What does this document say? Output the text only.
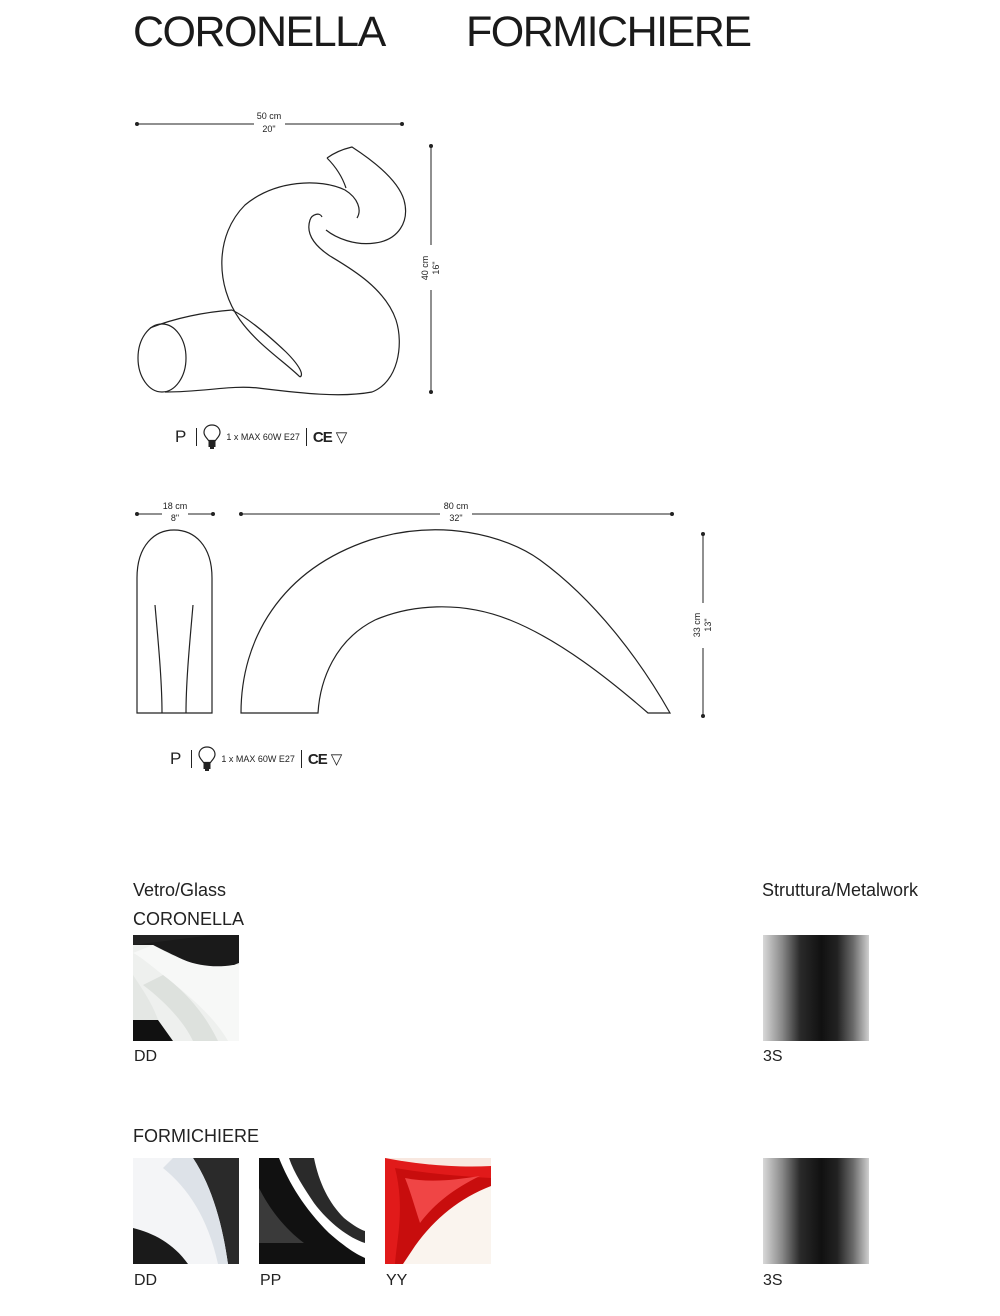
CORONELLA FORMICHIERE
50 cm
20"
40 cm 16"
18 cm
8"
80 cm
32"
33 cm 13"
P	1 x MAX 60W E27 CE ▽
P	1 x MAX 60W E27 CE ▽
Vetro/Glass	Struttura/Metalwork
CORONELLA
DD	3S
FORMICHIERE
DD	PP	YY	3S
